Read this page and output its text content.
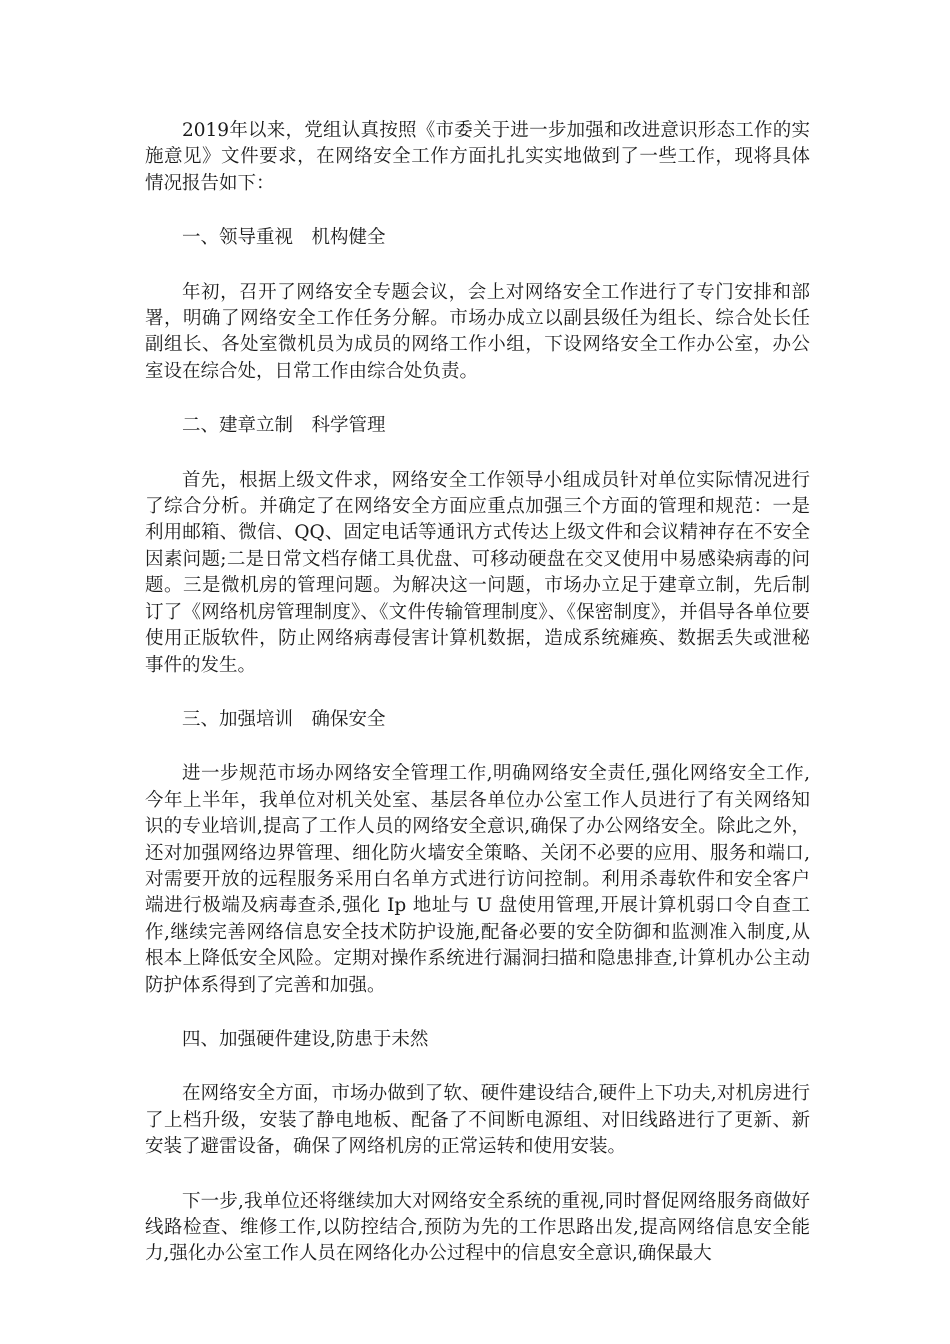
2019年以来，党组认真按照《市委关于进一步加强和改进意识形态工作的实施意见》文件要求，在网络安全工作方面扎扎实实地做到了一些工作，现将具体情况报告如下：

一、领导重视　机构健全

年初，召开了网络安全专题会议，会上对网络安全工作进行了专门安排和部署，明确了网络安全工作任务分解。市场办成立以副县级任为组长、综合处长任副组长、各处室微机员为成员的网络工作小组，下设网络安全工作办公室，办公室设在综合处，日常工作由综合处负责。

二、建章立制　科学管理

首先，根据上级文件求，网络安全工作领导小组成员针对单位实际情况进行了综合分析。并确定了在网络安全方面应重点加强三个方面的管理和规范：一是利用邮箱、微信、QQ、固定电话等通讯方式传达上级文件和会议精神存在不安全因素问题;二是日常文档存储工具优盘、可移动硬盘在交叉使用中易感染病毒的问题。三是微机房的管理问题。为解决这一问题，市场办立足于建章立制，先后制订了《网络机房管理制度》、《文件传输管理制度》、《保密制度》，并倡导各单位要使用正版软件，防止网络病毒侵害计算机数据，造成系统瘫痪、数据丢失或泄秘事件的发生。

三、加强培训　确保安全

进一步规范市场办网络安全管理工作,明确网络安全责任,强化网络安全工作,今年上半年，我单位对机关处室、基层各单位办公室工作人员进行了有关网络知识的专业培训,提高了工作人员的网络安全意识,确保了办公网络安全。除此之外，还对加强网络边界管理、细化防火墙安全策略、关闭不必要的应用、服务和端口,对需要开放的远程服务采用白名单方式进行访问控制。利用杀毒软件和安全客户端进行极端及病毒查杀,强化 Ip 地址与 U 盘使用管理,开展计算机弱口令自查工作,继续完善网络信息安全技术防护设施,配备必要的安全防御和监测准入制度,从根本上降低安全风险。定期对操作系统进行漏洞扫描和隐患排查,计算机办公主动防护体系得到了完善和加强。

四、加强硬件建设,防患于未然

在网络安全方面，市场办做到了软、硬件建设结合,硬件上下功夫,对机房进行了上档升级，安装了静电地板、配备了不间断电源组、对旧线路进行了更新、新安装了避雷设备，确保了网络机房的正常运转和使用安装。

下一步,我单位还将继续加大对网络安全系统的重视,同时督促网络服务商做好线路检查、维修工作,以防控结合,预防为先的工作思路出发,提高网络信息安全能力,强化办公室工作人员在网络化办公过程中的信息安全意识,确保最大
